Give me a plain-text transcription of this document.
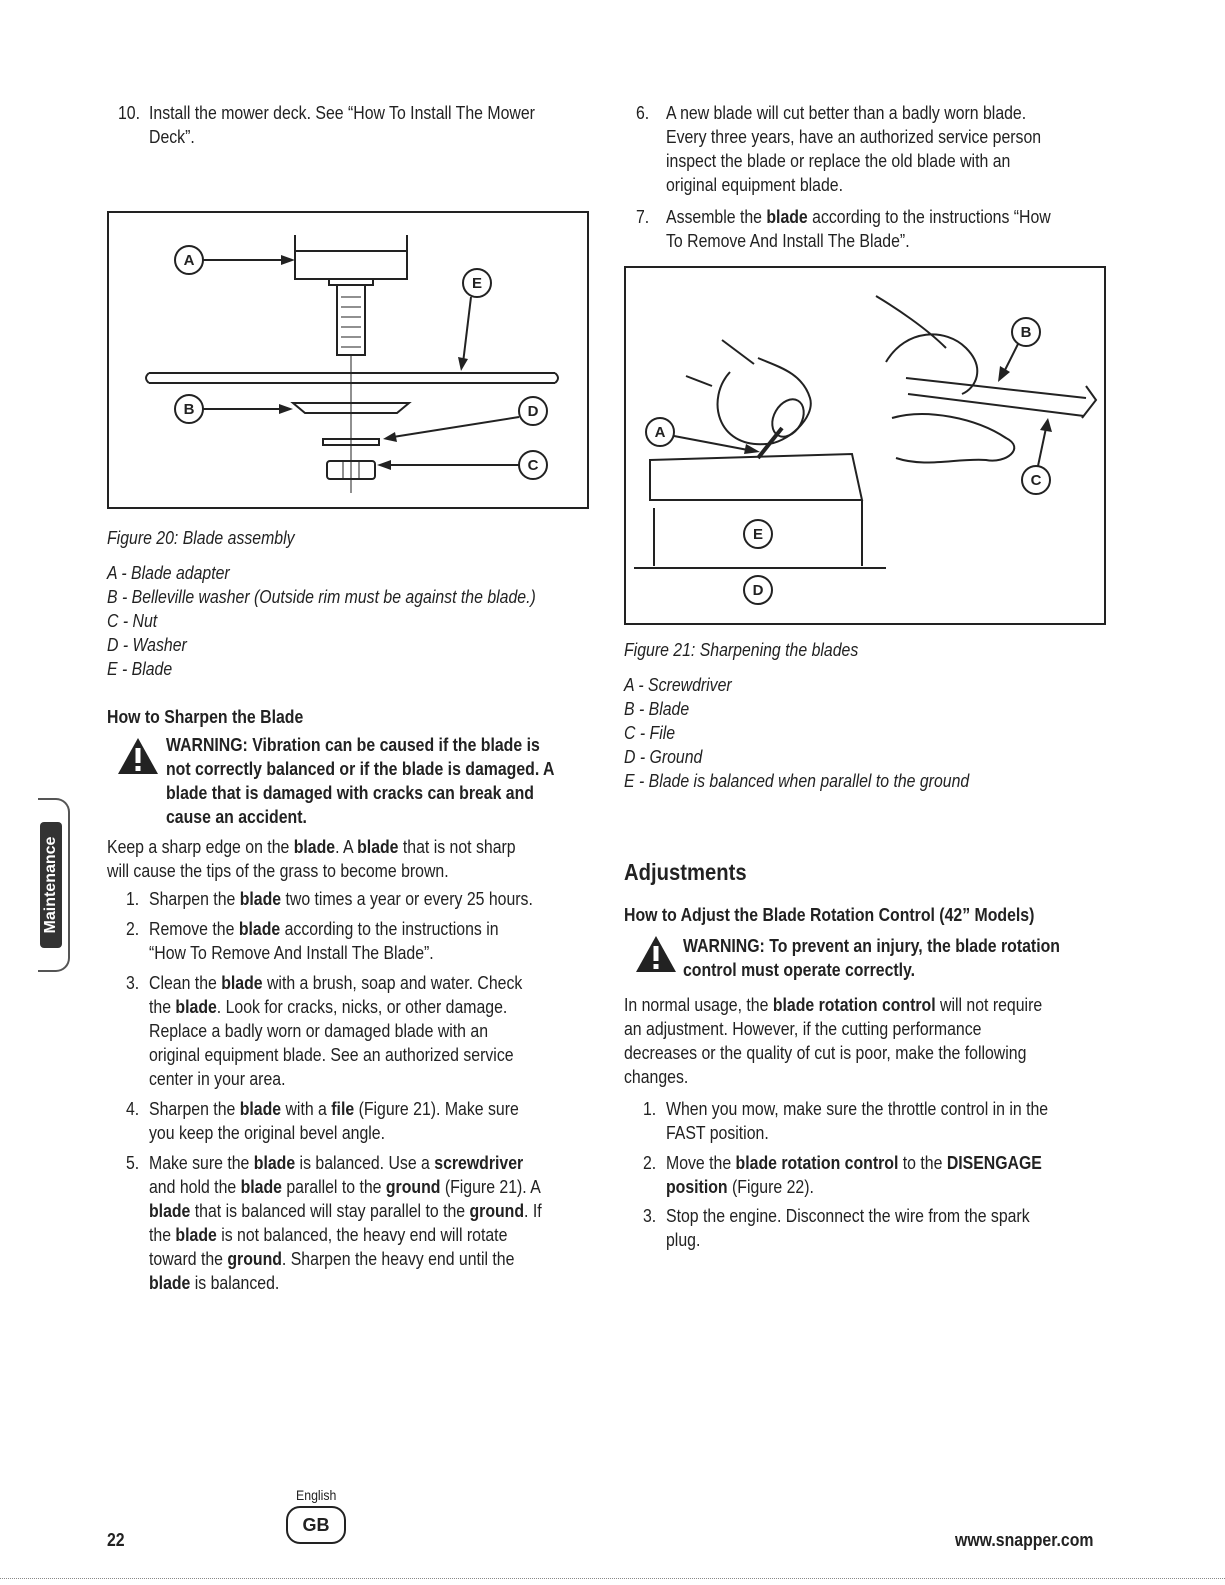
10. Install the mower deck. See “How To Install The Mower
Deck”.
A
E
B	D
C
Figure 20: Blade assembly
A - Blade adapter
B - Belleville washer (Outside rim must be against the blade.)
C - Nut
D - Washer
E - Blade
How to Sharpen the Blade
WARNING: Vibration can be caused if the blade is
not correctly balanced or if the blade is damaged. A
blade that is damaged with cracks can break and
cause an accident.
Keep a sharp edge on the blade. A blade that is not sharp
will cause the tips of the grass to become brown.
1. Sharpen the blade two times a year or every 25 hours.
2. Remove the blade according to the instructions in
“How To Remove And Install The Blade”.
3. Clean the blade with a brush, soap and water. Check
the blade. Look for cracks, nicks, or other damage.
Replace a badly worn or damaged blade with an
original equipment blade. See an authorized service
center in your area.
4. Sharpen the blade with a file (Figure 21). Make sure
you keep the original bevel angle.
5. Make sure the blade is balanced. Use a screwdriver
and hold the blade parallel to the ground (Figure 21). A
blade that is balanced will stay parallel to the ground. If
the blade is not balanced, the heavy end will rotate
toward the ground. Sharpen the heavy end until the
blade is balanced.
6. A new blade will cut better than a badly worn blade.
Every three years, have an authorized service person
inspect the blade or replace the old blade with an
original equipment blade.
7. Assemble the blade according to the instructions “How
To Remove And Install The Blade”.
A
B
C
E
D
Figure 21: Sharpening the blades
A - Screwdriver
B - Blade
C - File
D - Ground
E - Blade is balanced when parallel to the ground
Adjustments
How to Adjust the Blade Rotation Control (42” Models)
WARNING: To prevent an injury, the blade rotation
control must operate correctly.
In normal usage, the blade rotation control will not require
an adjustment. However, if the cutting performance
decreases or the quality of cut is poor, make the following
changes.
1. When you mow, make sure the throttle control in in the
FAST position.
2. Move the blade rotation control to the DISENGAGE
position (Figure 22).
3. Stop the engine. Disconnect the wire from the spark
plug.
Maintenance
22
English
GB
www.snapper.com
